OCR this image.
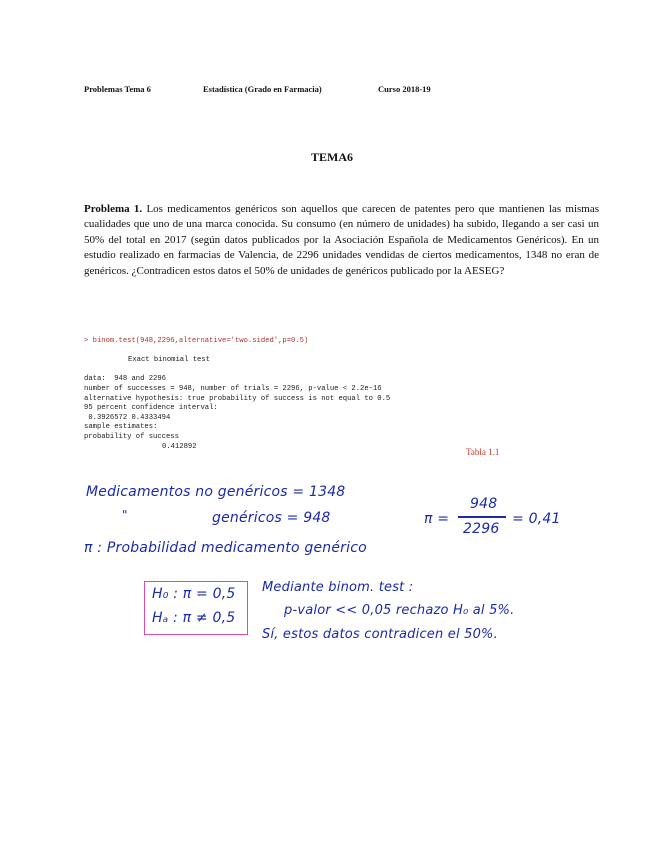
Problemas Tema 6	Estadística (Grado en Farmacia)	Curso 2018-19
TEMA6
Problema 1. Los medicamentos genéricos son aquellos que carecen de patentes pero que mantienen las mismas cualidades que uno de una marca conocida. Su consumo (en número de unidades) ha subido, llegando a ser casi un 50% del total en 2017 (según datos publicados por la Asociación Española de Medicamentos Genéricos). En un estudio realizado en farmacias de Valencia, de 2296 unidades vendidas de ciertos medicamentos, 1348 no eran de genéricos. ¿Contradicen estos datos el 50% de unidades de genéricos publicado por la AESEG?
> binom.test(948,2296,alternative='two.sided',p=0.5)
Exact binomial test
data:  948 and 2296
number of successes = 948, number of trials = 2296, p-value < 2.2e-16
alternative hypothesis: true probability of success is not equal to 0.5
95 percent confidence interval:
0.3926572 0.4333494
sample estimates:
probability of success
0.412892
Tabla 1.1
Medicamentos no genéricos = 1348
"	genéricos = 948
π : Probabilidad medicamento genérico
π =
948
2296
= 0,41
H₀ : π = 0,5
Hₐ : π ≠ 0,5
Mediante binom. test :
p-valor << 0,05 rechazo H₀ al 5%.
Sí, estos datos contradicen el 50%.
